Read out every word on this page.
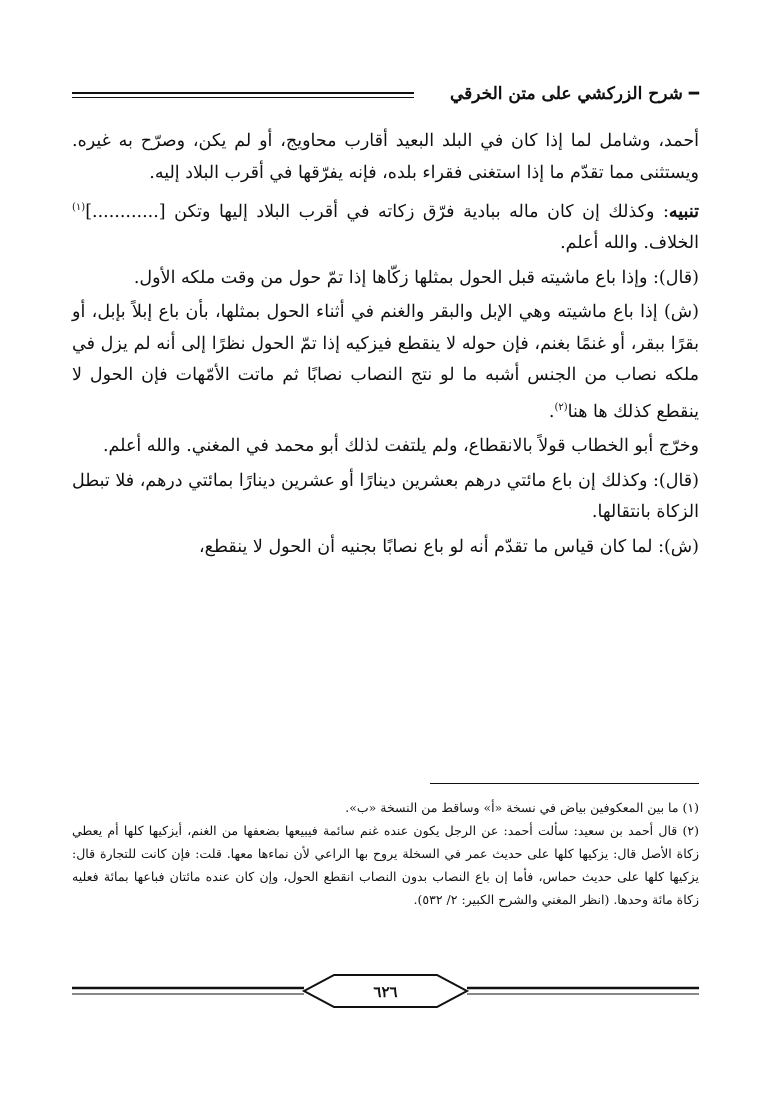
━ شرح الزركشي على متن الخرقي

أحمد، وشامل لما إذا كان في البلد البعيد أقارب محاويج، أو لم يكن، وصرّح به غيره. ويستثنى مما تقدّم ما إذا استغنى فقراء بلده، فإنه يفرّقها في أقرب البلاد إليه.

تنبيه: وكذلك إن كان ماله ببادية فرّق زكاته في أقرب البلاد إليها وتكن [............]$^{(١)}$ الخلاف. والله أعلم.

(قال): وإذا باع ماشيته قبل الحول بمثلها زكّاها إذا تمّ حول من وقت ملكه الأول.

(ش) إذا باع ماشيته وهي الإبل والبقر والغنم في أثناء الحول بمثلها، بأن باع إبلاً بإبل، أو بقرًا ببقر، أو غنمًا بغنم، فإن حوله لا ينقطع فيزكيه إذا تمّ الحول نظرًا إلى أنه لم يزل في ملكه نصاب من الجنس أشبه ما لو نتج النصاب نصابًا ثم ماتت الأمّهات فإن الحول لا ينقطع كذلك ها هنا$^{(٢)}$.

وخرّج أبو الخطاب قولاً بالانقطاع، ولم يلتفت لذلك أبو محمد في المغني. والله أعلم.

(قال): وكذلك إن باع مائتي درهم بعشرين دينارًا أو عشرين دينارًا بمائتي درهم، فلا تبطل الزكاة بانتقالها.

(ش): لما كان قياس ما تقدّم أنه لو باع نصابًا بجنيه أن الحول لا ينقطع،

(١) ما بين المعكوفين بياض في نسخة «أ» وساقط من النسخة «ب».

(٢) قال أحمد بن سعيد: سألت أحمد: عن الرجل يكون عنده غنم سائمة فيبيعها بضعفها من الغنم، أيزكيها كلها أم يعطي زكاة الأصل قال: يزكيها كلها على حديث عمر في السخلة يروح بها الراعي لأن نماءها معها. قلت: فإن كانت للتجارة قال: يزكيها كلها على حديث حماس، فأما إن باع النصاب بدون النصاب انقطع الحول، وإن كان عنده مائتان فباعها بمائة فعليه زكاة مائة وحدها. (انظر المغني والشرح الكبير: ٢/ ٥٣٢).

٦٢٦
